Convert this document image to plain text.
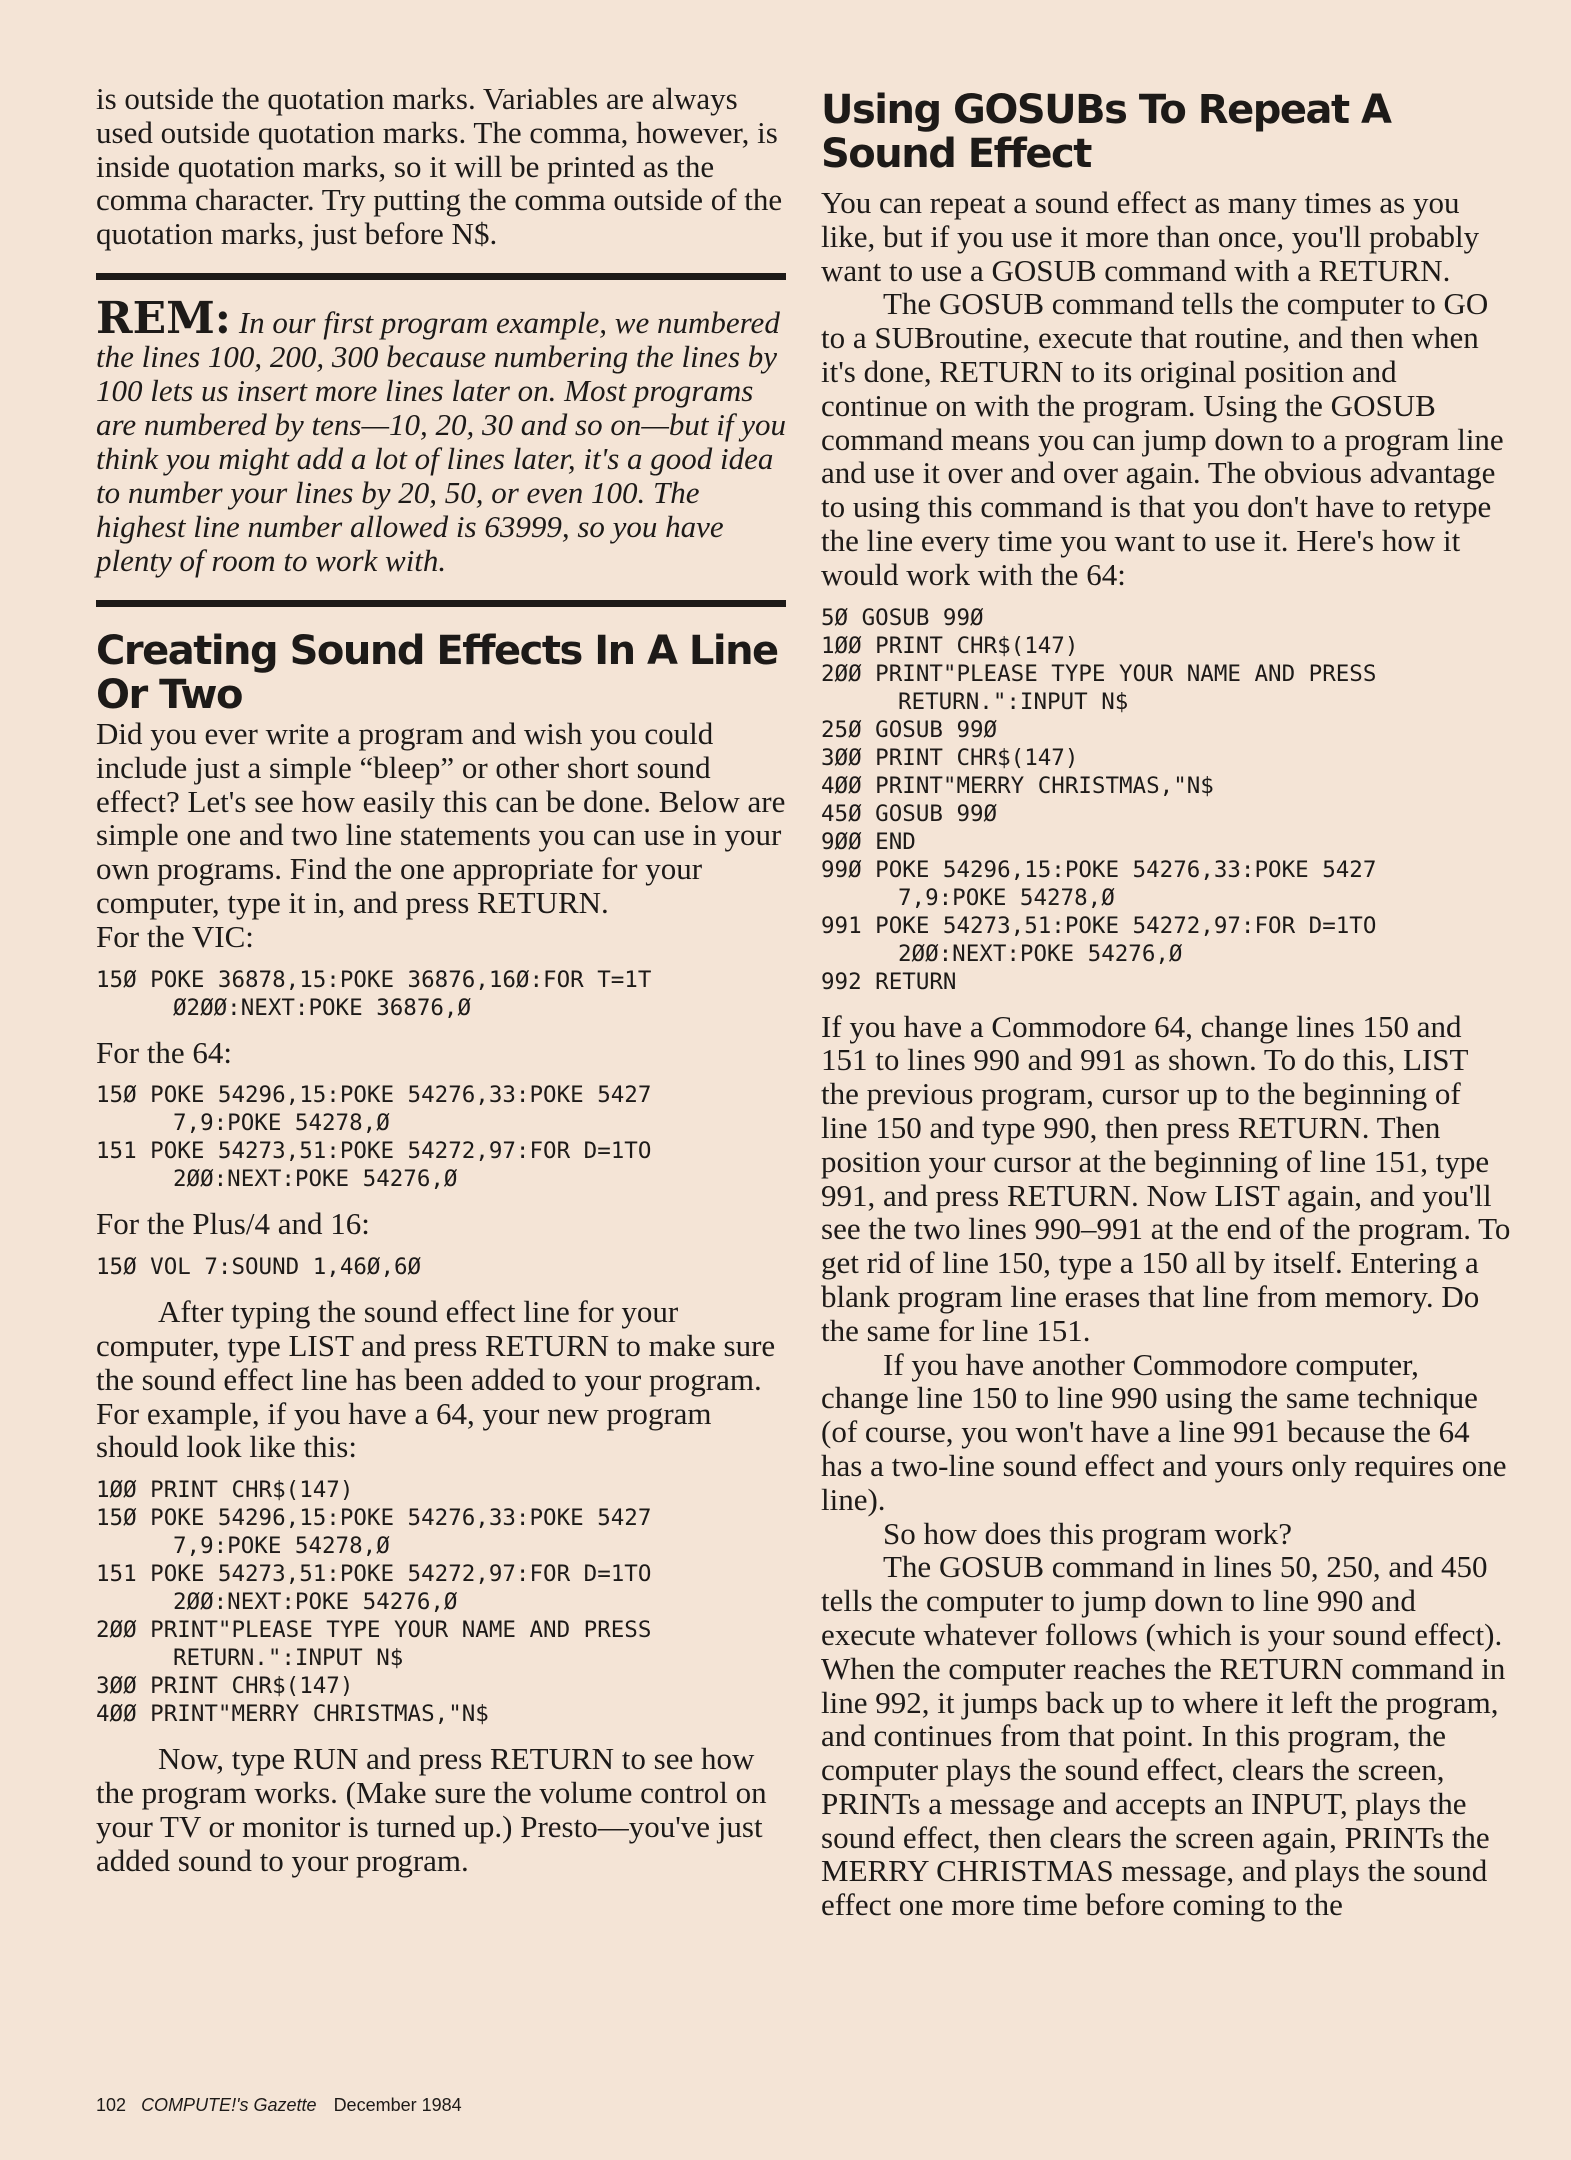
is outside the quotation marks. Variables are always used outside quotation marks. The comma, however, is inside quotation marks, so it will be printed as the comma character. Try putting the comma outside of the quotation marks, just before N$.

REM: In our first program example, we numbered the lines 100, 200, 300 because numbering the lines by 100 lets us insert more lines later on. Most programs are numbered by tens—10, 20, 30 and so on—but if you think you might add a lot of lines later, it's a good idea to number your lines by 20, 50, or even 100. The highest line number allowed is 63999, so you have plenty of room to work with.

Creating Sound Effects In A Line Or Two

Did you ever write a program and wish you could include just a simple “bleep” or other short sound effect? Let's see how easily this can be done. Below are simple one and two line statements you can use in your own programs. Find the one appropriate for your computer, type it in, and press RETURN.

For the VIC:

15Ø POKE 36878,15:POKE 36876,16Ø:FOR T=1T
Ø2ØØ:NEXT:POKE 36876,Ø

For the 64:

15Ø POKE 54296,15:POKE 54276,33:POKE 5427
7,9:POKE 54278,Ø
151 POKE 54273,51:POKE 54272,97:FOR D=1TO
2ØØ:NEXT:POKE 54276,Ø

For the Plus/4 and 16:

15Ø VOL 7:SOUND 1,46Ø,6Ø

After typing the sound effect line for your computer, type LIST and press RETURN to make sure the sound effect line has been added to your program. For example, if you have a 64, your new program should look like this:

1ØØ PRINT CHR$(147)
15Ø POKE 54296,15:POKE 54276,33:POKE 5427
7,9:POKE 54278,Ø
151 POKE 54273,51:POKE 54272,97:FOR D=1TO
2ØØ:NEXT:POKE 54276,Ø
2ØØ PRINT"PLEASE TYPE YOUR NAME AND PRESS
RETURN.":INPUT N$
3ØØ PRINT CHR$(147)
4ØØ PRINT"MERRY CHRISTMAS,"N$

Now, type RUN and press RETURN to see how the program works. (Make sure the volume control on your TV or monitor is turned up.) Presto—you've just added sound to your program.

Using GOSUBs To Repeat A Sound Effect

You can repeat a sound effect as many times as you like, but if you use it more than once, you'll probably want to use a GOSUB command with a RETURN.

The GOSUB command tells the computer to GO to a SUBroutine, execute that routine, and then when it's done, RETURN to its original position and continue on with the program. Using the GOSUB command means you can jump down to a program line and use it over and over again. The obvious advantage to using this command is that you don't have to retype the line every time you want to use it. Here's how it would work with the 64:

5Ø GOSUB 99Ø
1ØØ PRINT CHR$(147)
2ØØ PRINT"PLEASE TYPE YOUR NAME AND PRESS
RETURN.":INPUT N$
25Ø GOSUB 99Ø
3ØØ PRINT CHR$(147)
4ØØ PRINT"MERRY CHRISTMAS,"N$
45Ø GOSUB 99Ø
9ØØ END
99Ø POKE 54296,15:POKE 54276,33:POKE 5427
7,9:POKE 54278,Ø
991 POKE 54273,51:POKE 54272,97:FOR D=1TO
2ØØ:NEXT:POKE 54276,Ø
992 RETURN

If you have a Commodore 64, change lines 150 and 151 to lines 990 and 991 as shown. To do this, LIST the previous program, cursor up to the beginning of line 150 and type 990, then press RETURN. Then position your cursor at the beginning of line 151, type 991, and press RETURN. Now LIST again, and you'll see the two lines 990–991 at the end of the program. To get rid of line 150, type a 150 all by itself. Entering a blank program line erases that line from memory. Do the same for line 151.

If you have another Commodore computer, change line 150 to line 990 using the same technique (of course, you won't have a line 991 because the 64 has a two-line sound effect and yours only requires one line).

So how does this program work?

The GOSUB command in lines 50, 250, and 450 tells the computer to jump down to line 990 and execute whatever follows (which is your sound effect). When the computer reaches the RETURN command in line 992, it jumps back up to where it left the program, and continues from that point. In this program, the computer plays the sound effect, clears the screen, PRINTs a message and accepts an INPUT, plays the sound effect, then clears the screen again, PRINTs the MERRY CHRISTMAS message, and plays the sound effect one more time before coming to the

102 COMPUTE!'s Gazette December 1984
